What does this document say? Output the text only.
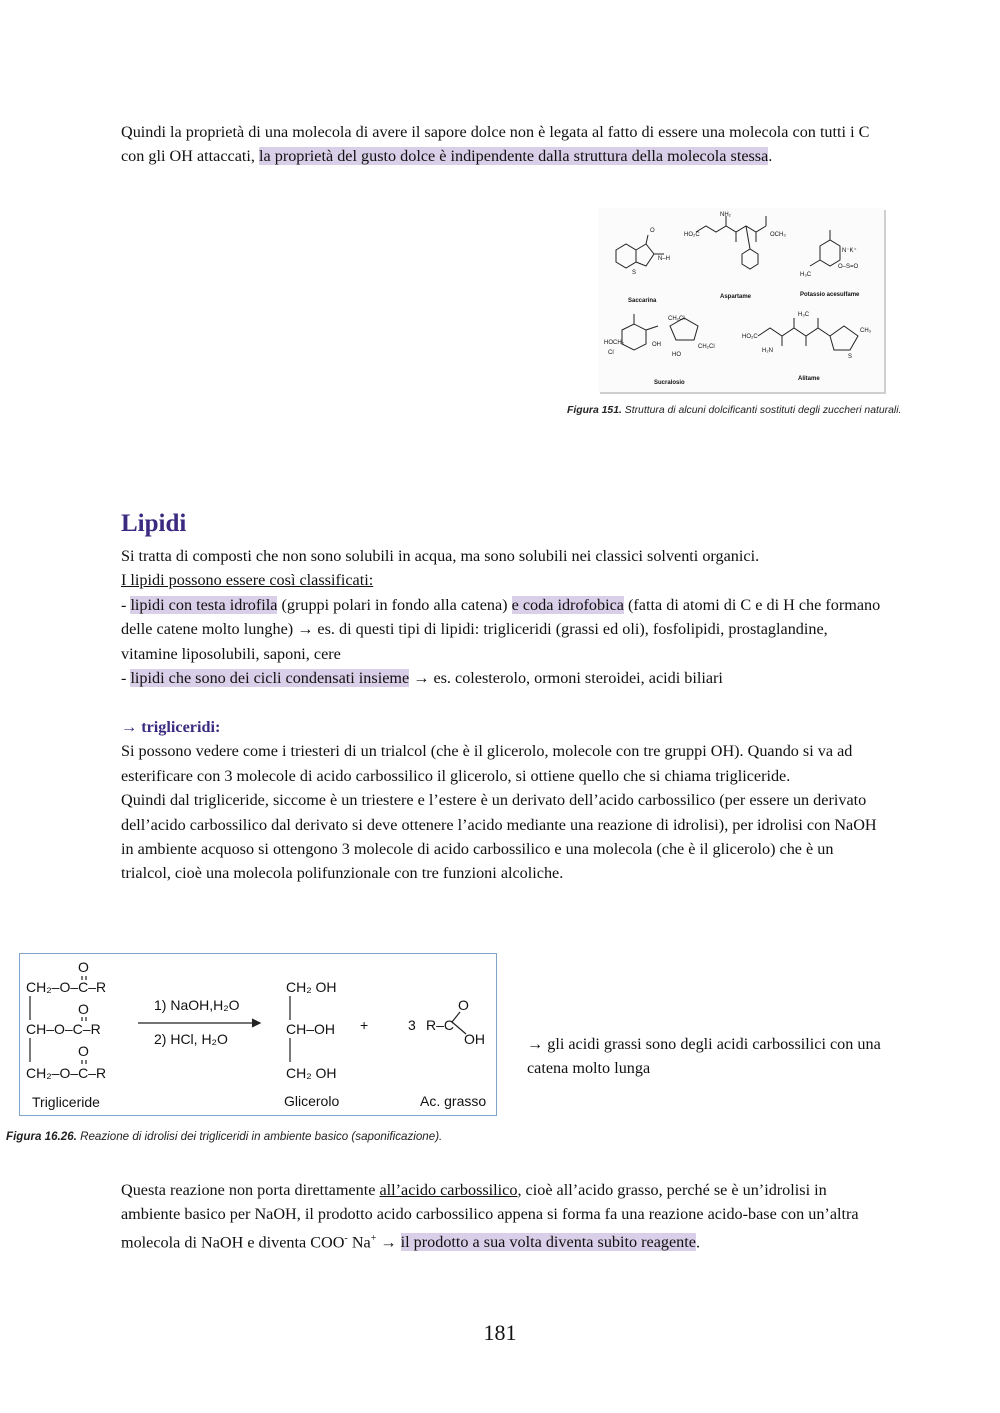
Quindi la proprietà di una molecola di avere il sapore dolce non è legata al fatto di essere una molecola con tutti i C con gli OH attaccati, la proprietà del gusto dolce è indipendente dalla struttura della molecola stessa.
O
N–H
S
HO₂C
NH₂
OCH₃
N⁻K⁺
O–S=O
H₃C
CH₂Cl
HOCH₂
Cl
OH	CH₂Cl
HO
HO₂C
H₂N
H₃C
CH₃
S
Saccarina
Aspartame	Potassio acesulfame
Sucralosio
Alitame
Figura 151. Struttura di alcuni dolcificanti sostituti degli zuccheri naturali.
Lipidi
Si tratta di composti che non sono solubili in acqua, ma sono solubili nei classici solventi organici.
I lipidi possono essere così classificati:
- lipidi con testa idrofila (gruppi polari in fondo alla catena) e coda idrofobica (fatta di atomi di C e di H che formano delle catene molto lunghe) → es. di questi tipi di lipidi: trigliceridi (grassi ed oli), fosfolipidi, prostaglandine, vitamine liposolubili, saponi, cere
- lipidi che sono dei cicli condensati insieme → es. colesterolo, ormoni steroidei, acidi biliari
→ trigliceridi:
Si possono vedere come i triesteri di un trialcol (che è il glicerolo, molecole con tre gruppi OH). Quando si va ad esterificare con 3 molecole di acido carbossilico il glicerolo, si ottiene quello che si chiama trigliceride.
Quindi dal trigliceride, siccome è un triestere e l’estere è un derivato dell’acido carbossilico (per essere un derivato dell’acido carbossilico dal derivato si deve ottenere l’acido mediante una reazione di idrolisi), per idrolisi con NaOH in ambiente acquoso si ottengono 3 molecole di acido carbossilico e una molecola (che è il glicerolo) che è un trialcol, cioè una molecola polifunzionale con tre funzioni alcoliche.
O
CH₂–O–C–R
O
CH–O–C–R
O
CH₂–O–C–R
Trigliceride
1) NaOH,H₂O
2) HCl, H₂O
CH₂ OH
CH–OH
CH₂ OH
Glicerolo
+	3 R–C
O
OH
Ac. grasso
Figura 16.26. Reazione di idrolisi dei trigliceridi in ambiente basico (saponificazione).
→ gli acidi grassi sono degli acidi carbossilici con una catena molto lunga
Questa reazione non porta direttamente all’acido carbossilico, cioè all’acido grasso, perché se è un’idrolisi in ambiente basico per NaOH, il prodotto acido carbossilico appena si forma fa una reazione acido-base con un’altra molecola di NaOH e diventa COO- Na+ → il prodotto a sua volta diventa subito reagente.
181
